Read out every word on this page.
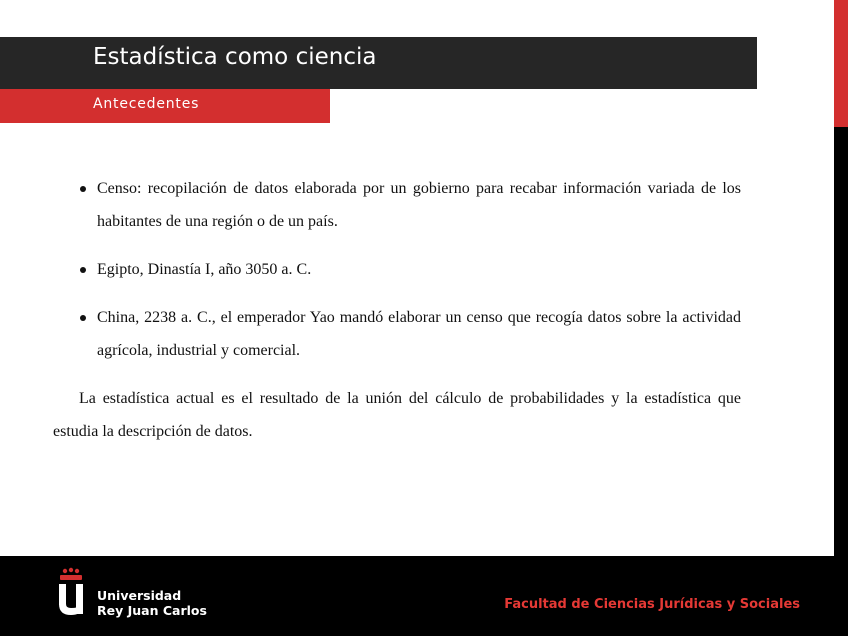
Estadística como ciencia
Antecedentes
Censo: recopilación de datos elaborada por un gobierno para recabar información variada de los habitantes de una región o de un país.
Egipto, Dinastía I, año 3050 a. C.
China, 2238 a. C., el emperador Yao mandó elaborar un censo que recogía datos sobre la actividad agrícola, industrial y comercial.

La estadística actual es el resultado de la unión del cálculo de probabilidades y la estadística que estudia la descripción de datos.

Universidad
Rey Juan Carlos	Facultad de Ciencias Jurídicas y Sociales
